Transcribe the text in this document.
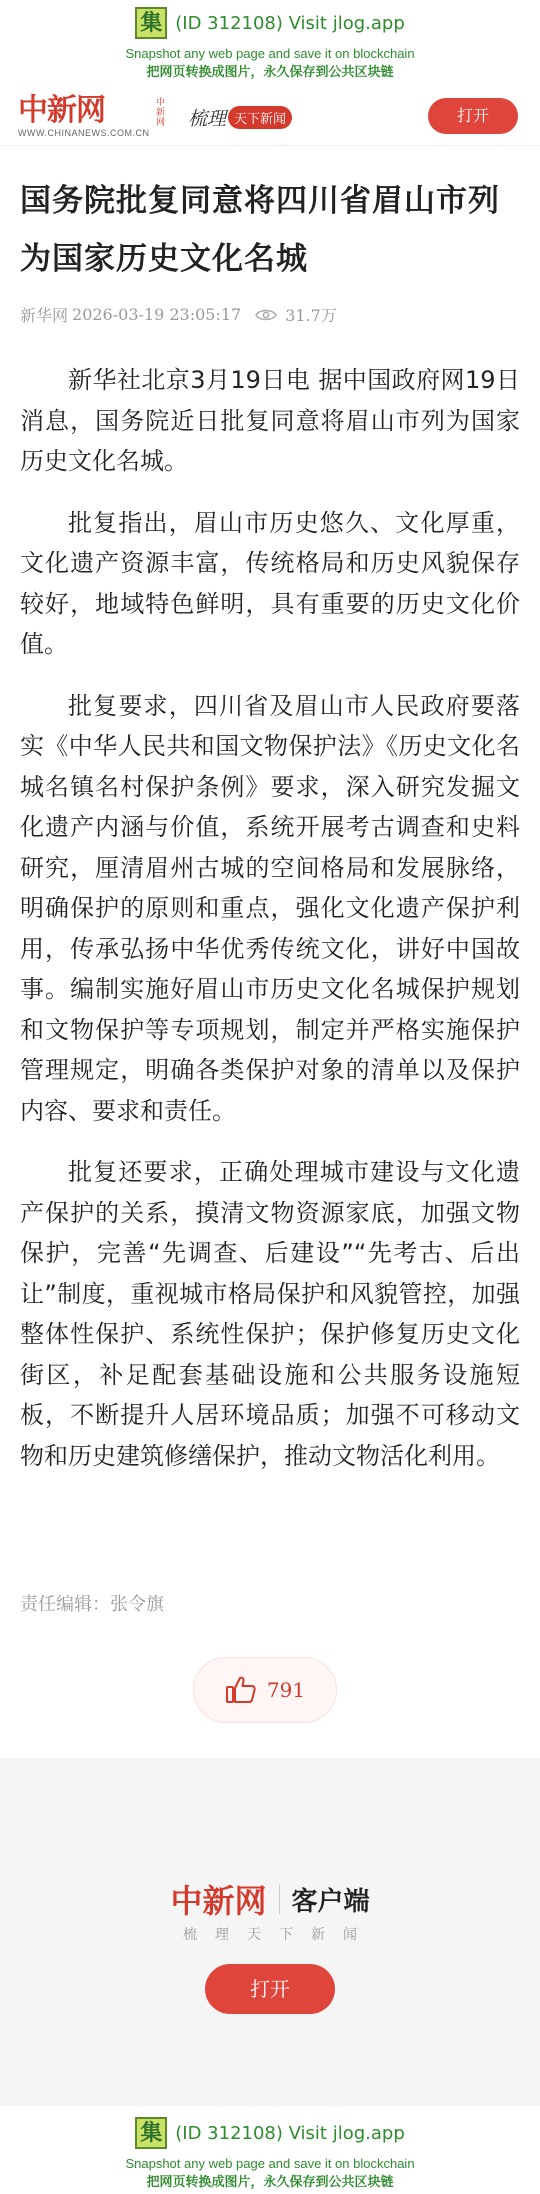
集 (ID 312108) Visit jlog.app
Snapshot any web page and save it on blockchain
把网页转换成图片，永久保存到公共区块链
中新网
WWW.CHINANEWS.COM.CN
中新网 梳理 天下新闻	打开
国务院批复同意将四川省眉山市列为国家历史文化名城
新华网 2026-03-19 23:05:17	31.7万

新华社北京3月19日电 据中国政府网19日消息，国务院近日批复同意将眉山市列为国家历史文化名城。

批复指出，眉山市历史悠久、文化厚重，文化遗产资源丰富，传统格局和历史风貌保存较好，地域特色鲜明，具有重要的历史文化价值。

批复要求，四川省及眉山市人民政府要落实《中华人民共和国文物保护法》《历史文化名城名镇名村保护条例》要求，深入研究发掘文化遗产内涵与价值，系统开展考古调查和史料研究，厘清眉州古城的空间格局和发展脉络，明确保护的原则和重点，强化文化遗产保护利用，传承弘扬中华优秀传统文化，讲好中国故事。编制实施好眉山市历史文化名城保护规划和文物保护等专项规划，制定并严格实施保护管理规定，明确各类保护对象的清单以及保护内容、要求和责任。

批复还要求，正确处理城市建设与文化遗产保护的关系，摸清文物资源家底，加强文物保护，完善“先调查、后建设”“先考古、后出让”制度，重视城市格局保护和风貌管控，加强整体性保护、系统性保护；保护修复历史文化街区，补足配套基础设施和公共服务设施短板，不断提升人居环境品质；加强不可移动文物和历史建筑修缮保护，推动文物活化利用。

责任编辑：张令旗
791
中新网 客户端
梳理天下新闻
打开
集 (ID 312108) Visit jlog.app
Snapshot any web page and save it on blockchain
把网页转换成图片，永久保存到公共区块链
